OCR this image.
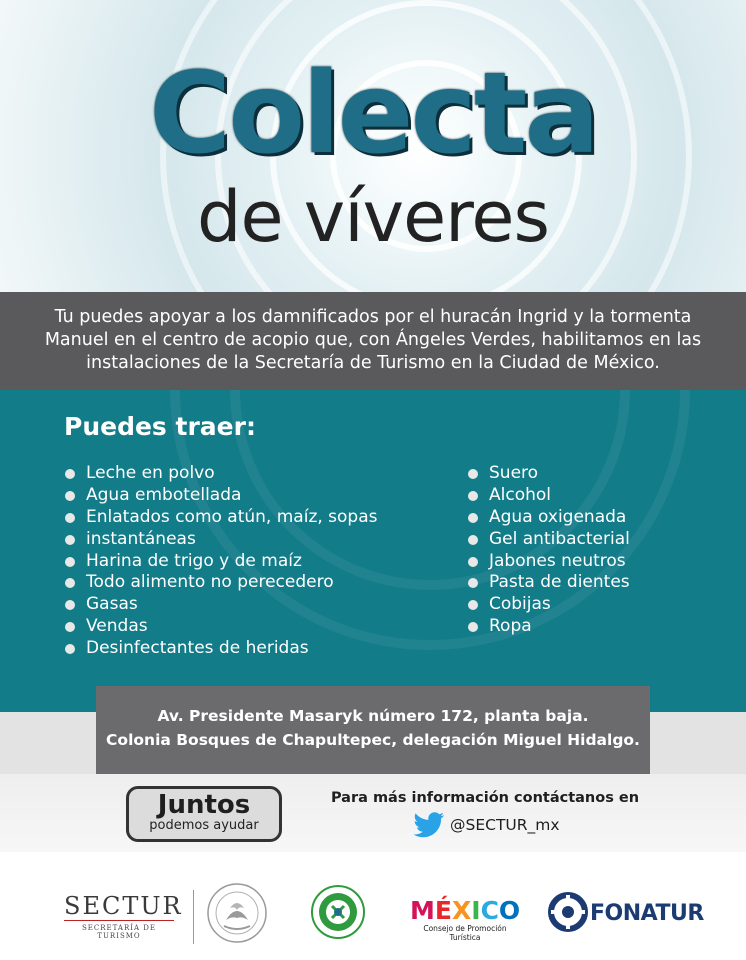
Colecta
de víveres
Tu puedes apoyar a los damnificados por el huracán Ingrid y la tormenta Manuel en el centro de acopio que, con Ángeles Verdes, habilitamos en las instalaciones de la Secretaría de Turismo en la Ciudad de México.
Puedes traer:
Leche en polvo
Agua embotellada
Enlatados como atún, maíz, sopas
instantáneas
Harina de trigo y de maíz
Todo alimento no perecedero
Gasas
Vendas
Desinfectantes de heridas
Suero
Alcohol
Agua oxigenada
Gel antibacterial
Jabones neutros
Pasta de dientes
Cobijas
Ropa
Av. Presidente Masaryk número 172, planta baja.
Colonia Bosques de Chapultepec, delegación Miguel Hidalgo.
Juntos
podemos ayudar
Para más información contáctanos en
@SECTUR_mx
SECTUR
SECRETARÍA DE TURISMO
MÉXICO
Consejo de Promoción Turística
FONATUR
